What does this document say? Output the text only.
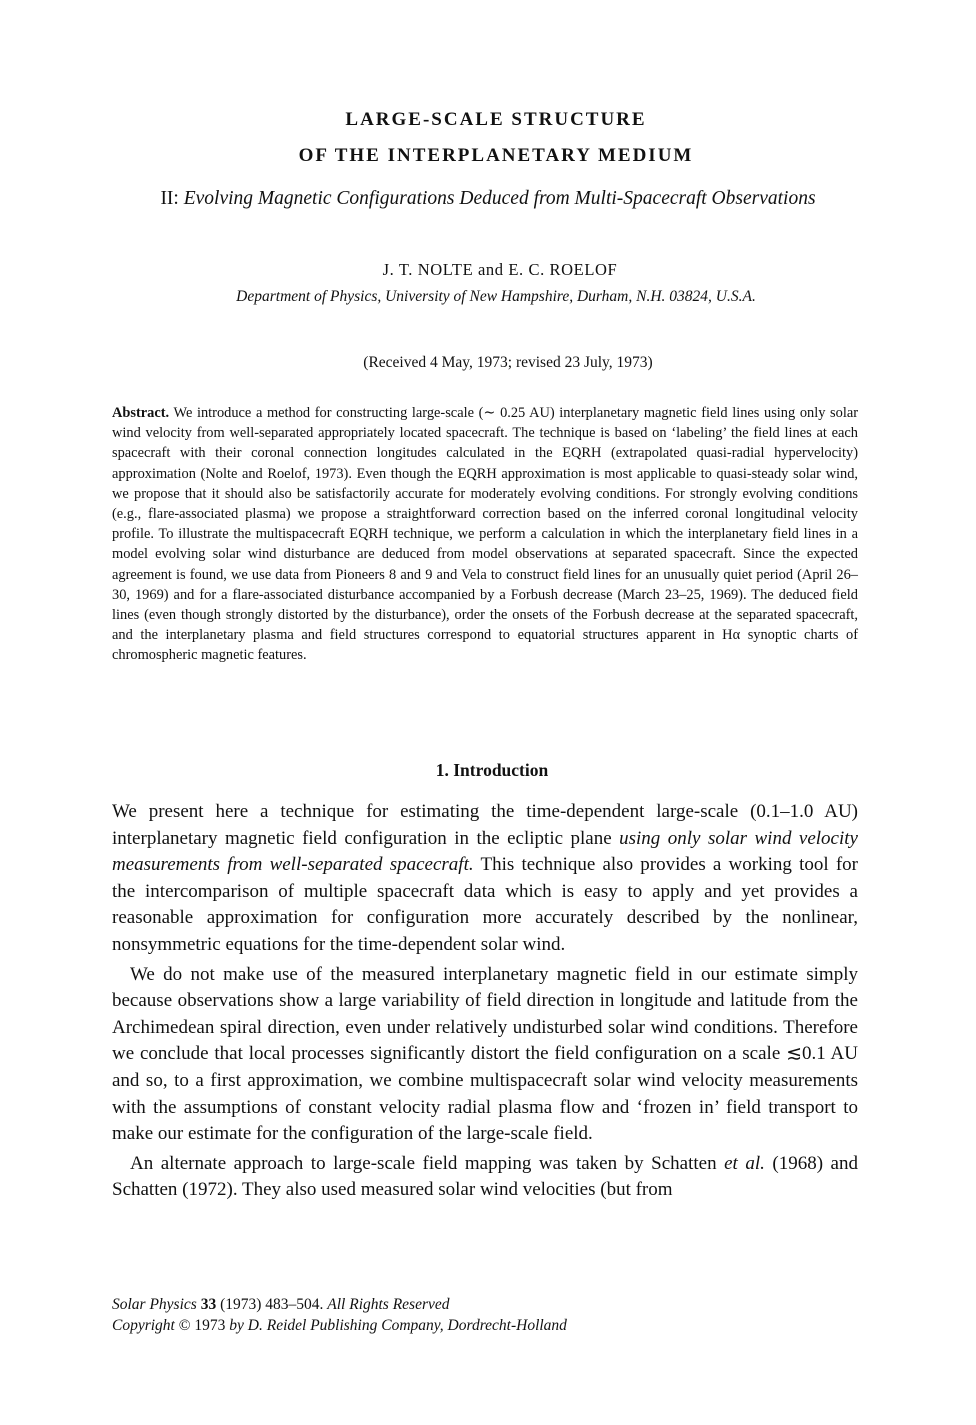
LARGE-SCALE STRUCTURE
OF THE INTERPLANETARY MEDIUM
II: Evolving Magnetic Configurations Deduced from Multi-Spacecraft Observations
J. T. NOLTE and E. C. ROELOF
Department of Physics, University of New Hampshire, Durham, N.H. 03824, U.S.A.
(Received 4 May, 1973; revised 23 July, 1973)
Abstract. We introduce a method for constructing large-scale (∼ 0.25 AU) interplanetary magnetic field lines using only solar wind velocity from well-separated appropriately located spacecraft. The technique is based on ‘labeling’ the field lines at each spacecraft with their coronal connection longitudes calculated in the EQRH (extrapolated quasi-radial hypervelocity) approximation (Nolte and Roelof, 1973). Even though the EQRH approximation is most applicable to quasi-steady solar wind, we propose that it should also be satisfactorily accurate for moderately evolving conditions. For strongly evolving conditions (e.g., flare-associated plasma) we propose a straightforward correction based on the inferred coronal longitudinal velocity profile. To illustrate the multispacecraft EQRH technique, we perform a calculation in which the interplanetary field lines in a model evolving solar wind disturbance are deduced from model observations at separated spacecraft. Since the expected agreement is found, we use data from Pioneers 8 and 9 and Vela to construct field lines for an unusually quiet period (April 26–30, 1969) and for a flare-associated disturbance accompanied by a Forbush decrease (March 23–25, 1969). The deduced field lines (even though strongly distorted by the disturbance), order the onsets of the Forbush decrease at the separated spacecraft, and the interplanetary plasma and field structures correspond to equatorial structures apparent in Hα synoptic charts of chromospheric magnetic features.
1. Introduction

We present here a technique for estimating the time-dependent large-scale (0.1–1.0 AU) interplanetary magnetic field configuration in the ecliptic plane using only solar wind velocity measurements from well-separated spacecraft. This technique also provides a working tool for the intercomparison of multiple spacecraft data which is easy to apply and yet provides a reasonable approximation for configuration more accurately described by the nonlinear, nonsymmetric equations for the time-dependent solar wind.

We do not make use of the measured interplanetary magnetic field in our estimate simply because observations show a large variability of field direction in longitude and latitude from the Archimedean spiral direction, even under relatively undisturbed solar wind conditions. Therefore we conclude that local processes significantly distort the field configuration on a scale ≲0.1 AU and so, to a first approximation, we combine multispacecraft solar wind velocity measurements with the assumptions of constant velocity radial plasma flow and ‘frozen in’ field transport to make our estimate for the configuration of the large-scale field.

An alternate approach to large-scale field mapping was taken by Schatten et al. (1968) and Schatten (1972). They also used measured solar wind velocities (but from

Solar Physics 33 (1973) 483–504. All Rights Reserved
Copyright © 1973 by D. Reidel Publishing Company, Dordrecht-Holland
